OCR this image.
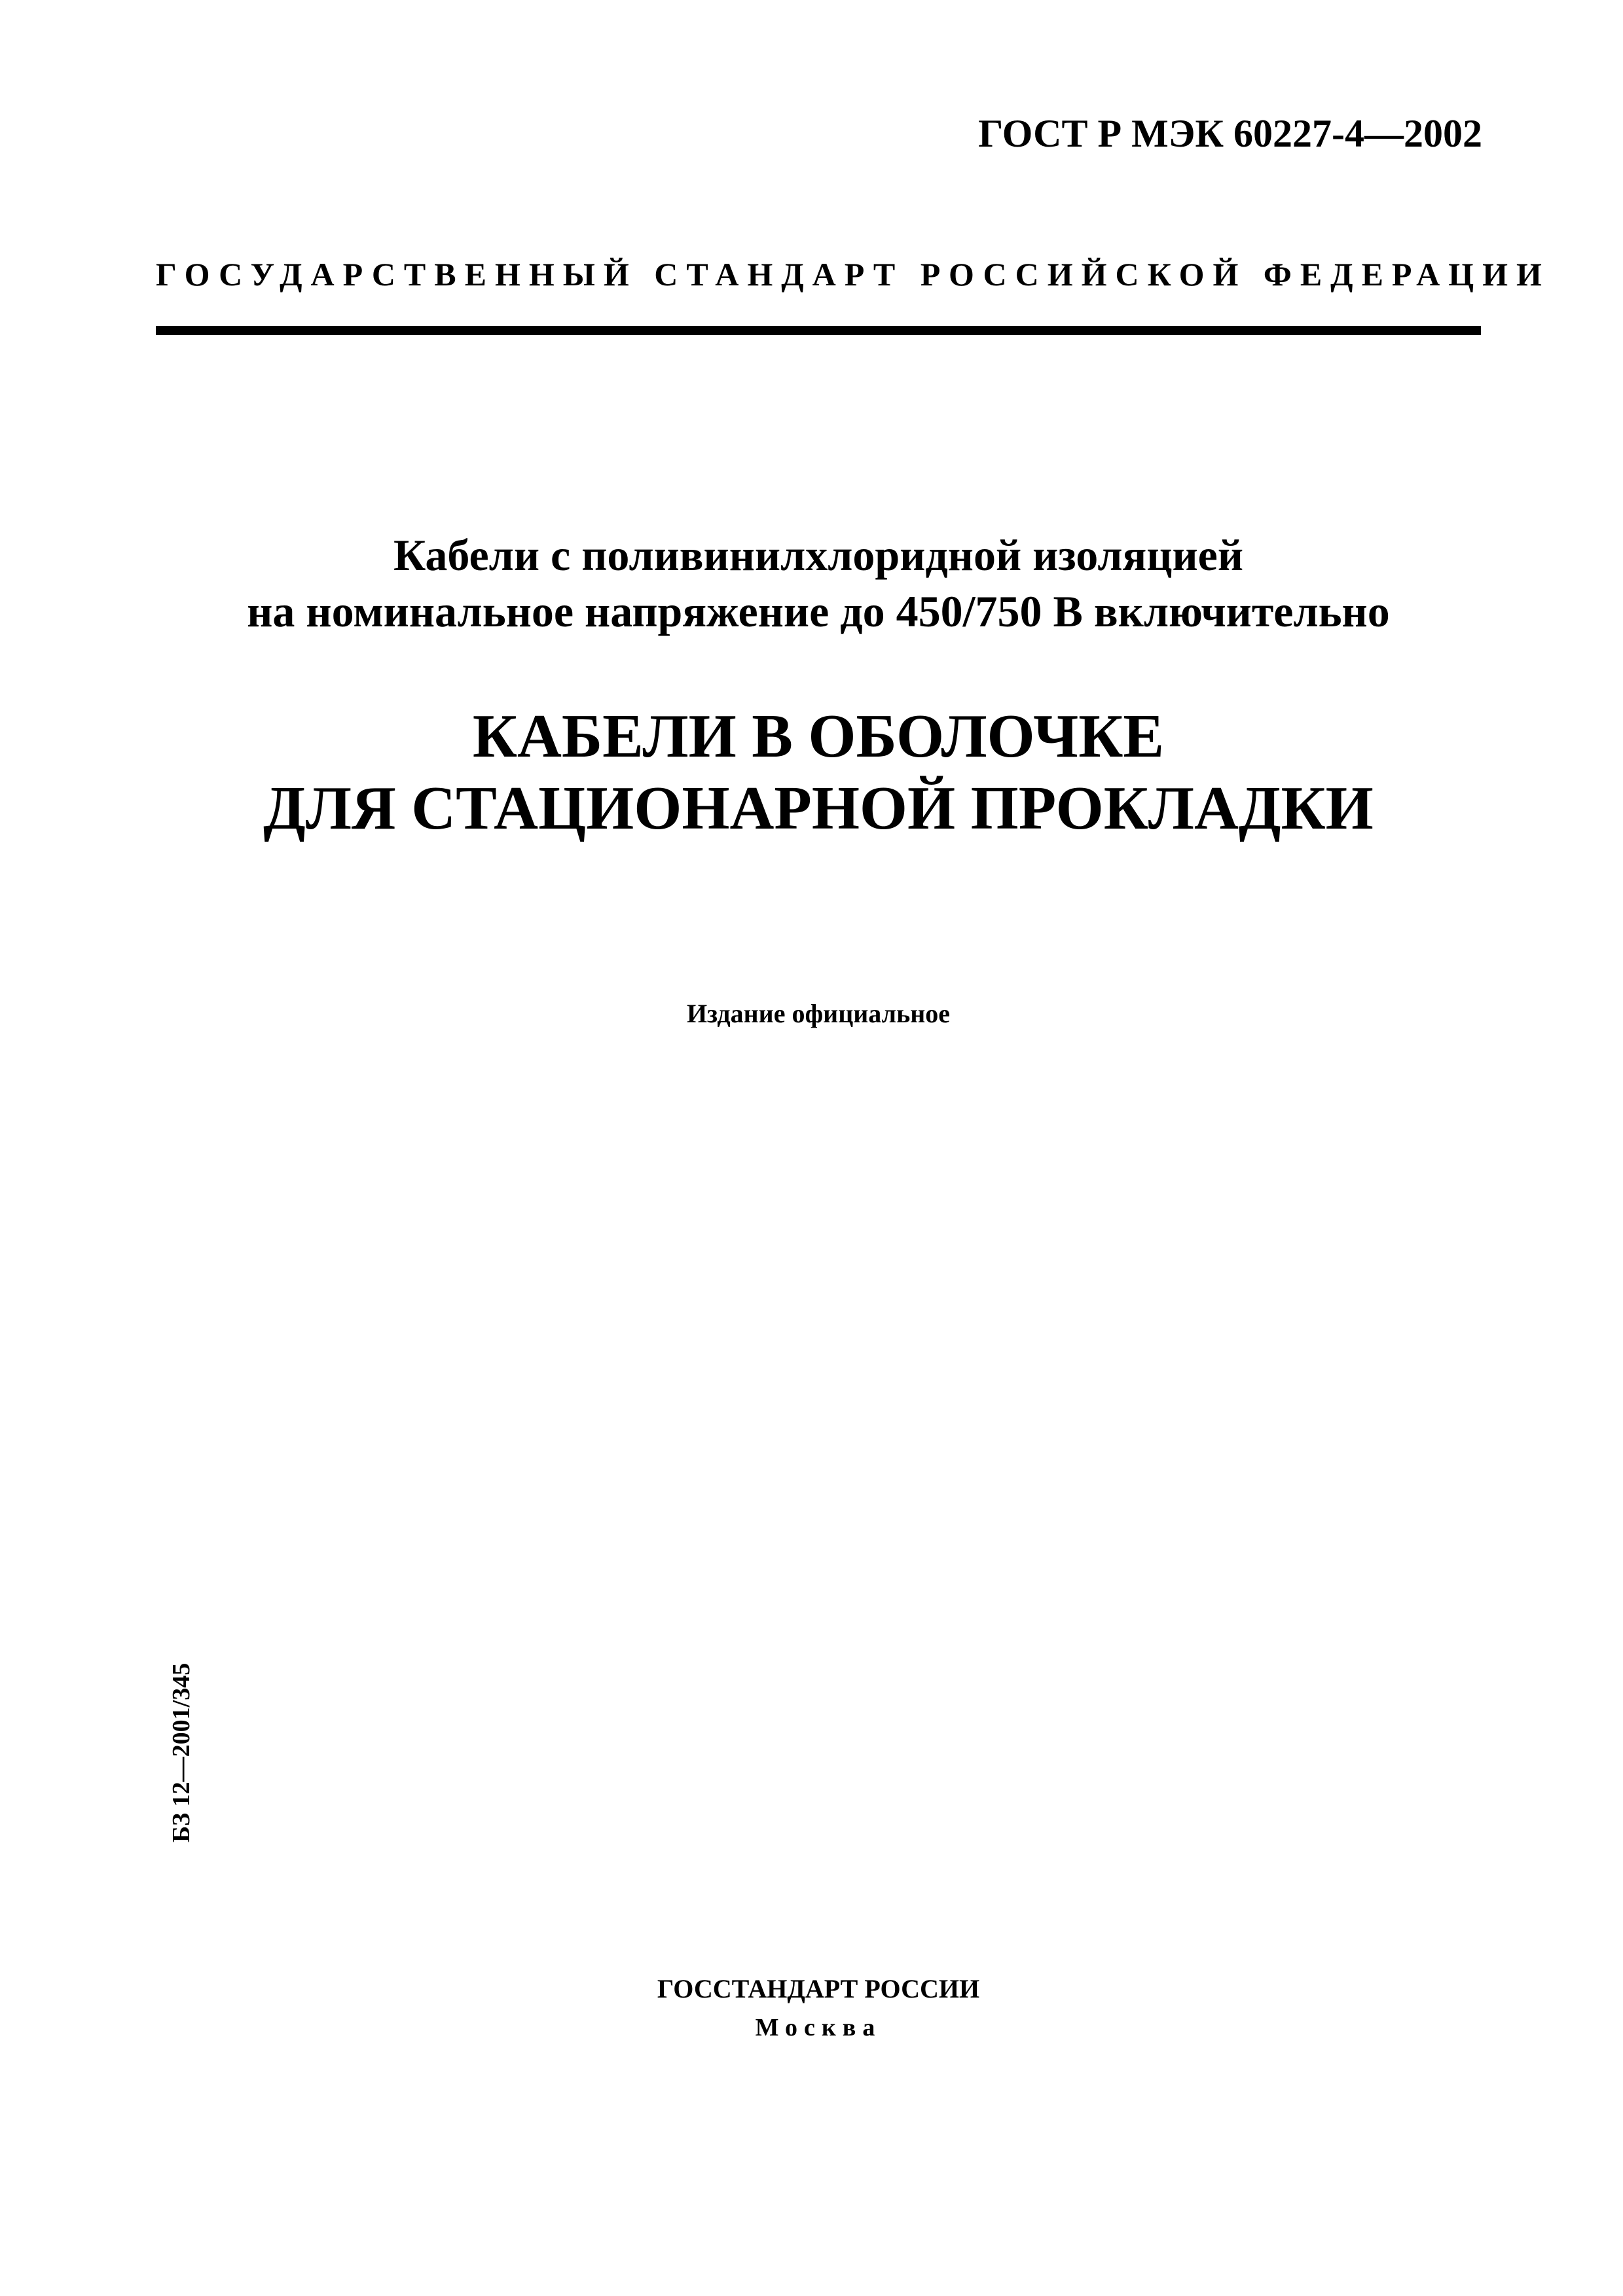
ГОСТ Р МЭК 60227-4—2002
ГОСУДАРСТВЕННЫЙ СТАНДАРТ РОССИЙСКОЙ ФЕДЕРАЦИИ
Кабели с поливинилхлоридной изоляцией
на номинальное напряжение до 450/750 В включительно
КАБЕЛИ В ОБОЛОЧКЕ
ДЛЯ СТАЦИОНАРНОЙ ПРОКЛАДКИ
Издание официальное
БЗ 12—2001/345
ГОССТАНДАРТ РОССИИ
Москва
